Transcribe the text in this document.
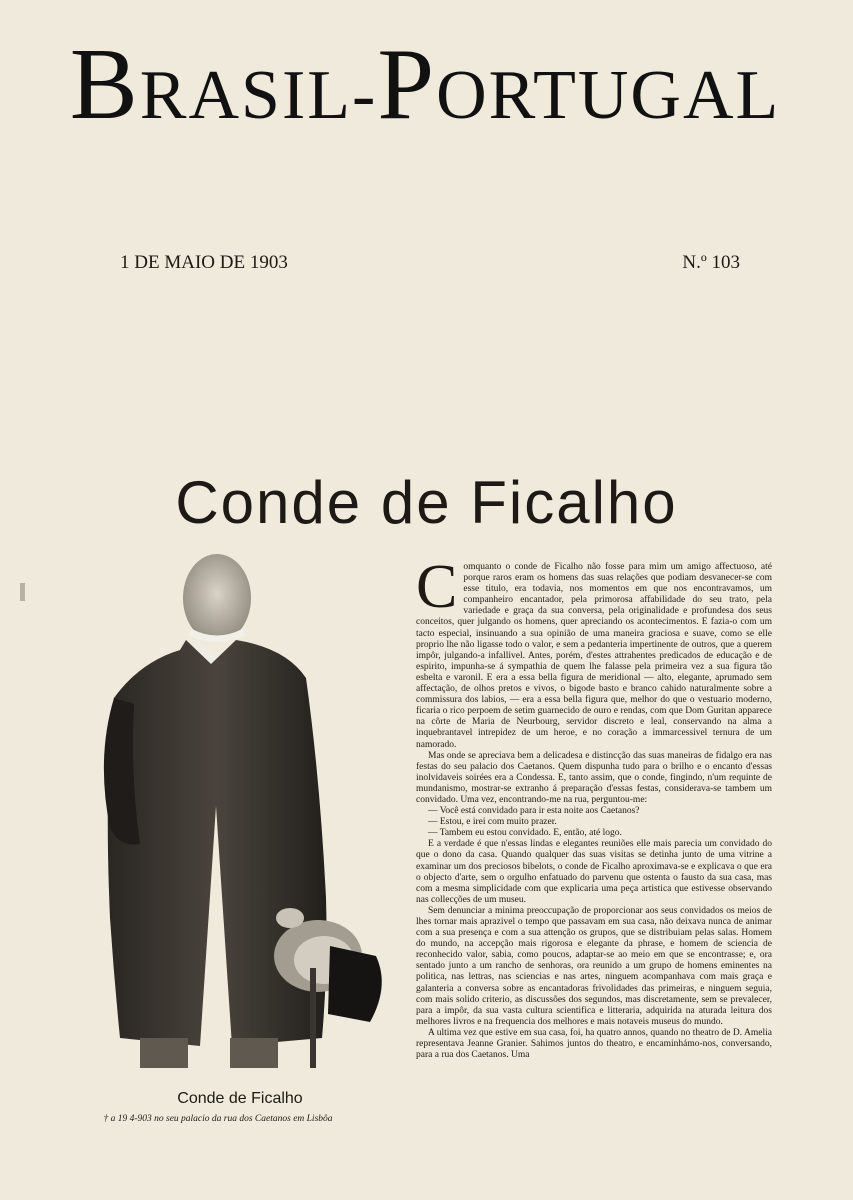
BRASIL-PORTUGAL
1 DE MAIO DE 1903	N.º 103
Conde de Ficalho
Conde de Ficalho
† a 19 4-903 no seu palacio da rua dos Caetanos em Lisbôa

Comquanto o conde de Ficalho não fosse para mim um amigo affectuoso, até porque raros eram os homens das suas relações que podiam desvanecer-se com esse titulo, era todavia, nos momentos em que nos encontravamos, um companheiro encantador, pela primorosa affabilidade do seu trato, pela variedade e graça da sua conversa, pela originalidade e profundesa dos seus conceitos, quer julgando os homens, quer apreciando os acontecimentos. E fazia-o com um tacto especial, insinuando a sua opinião de uma maneira graciosa e suave, como se elle proprio lhe não ligasse todo o valor, e sem a pedanteria impertinente de outros, que a querem impôr, julgando-a infallivel. Antes, porém, d'estes attrahentes predicados de educação e de espirito, impunha-se á sympathia de quem lhe falasse pela primeira vez a sua figura tão esbelta e varonil. E era a essa bella figura de meridional — alto, elegante, aprumado sem affectação, de olhos pretos e vivos, o bigode basto e branco cahido naturalmente sobre a commissura dos labios, — era a essa bella figura que, melhor do que o vestuario moderno, ficaria o rico perpoem de setim guarnecido de ouro e rendas, com que Dom Guritan apparece na côrte de Maria de Neurbourg, servidor discreto e leal, conservando na alma a inquebrantavel intrepidez de um heroe, e no coração a immarcessivel ternura de um namorado.

Mas onde se apreciava bem a delicadesa e distincção das suas maneiras de fidalgo era nas festas do seu palacio dos Caetanos. Quem dispunha tudo para o brilho e o encanto d'essas inolvidaveis soirées era a Condessa. E, tanto assim, que o conde, fingindo, n'um requinte de mundanismo, mostrar-se extranho á preparação d'essas festas, considerava-se tambem um convidado. Uma vez, encontrando-me na rua, perguntou-me:

— Você está convidado para ir esta noite aos Caetanos?

— Estou, e irei com muito prazer.

— Tambem eu estou convidado. E, então, até logo.

E a verdade é que n'essas lindas e elegantes reuniões elle mais parecia um convidado do que o dono da casa. Quando qualquer das suas visitas se detinha junto de uma vitrine a examinar um dos preciosos bibelots, o conde de Ficalho aproximava-se e explicava o que era o objecto d'arte, sem o orgulho enfatuado do parvenu que ostenta o fausto da sua casa, mas com a mesma simplicidade com que explicaria uma peça artistica que estivesse observando nas collecções de um museu.

Sem denunciar a minima preoccupação de proporcionar aos seus convidados os meios de lhes tornar mais aprazivel o tempo que passavam em sua casa, não deixava nunca de animar com a sua presença e com a sua attenção os grupos, que se distribuiam pelas salas. Homem do mundo, na accepção mais rigorosa e elegante da phrase, e homem de sciencia de reconhecido valor, sabia, como poucos, adaptar-se ao meio em que se encontrasse; e, ora sentado junto a um rancho de senhoras, ora reunido a um grupo de homens eminentes na politica, nas lettras, nas sciencias e nas artes, ninguem acompanhava com mais graça e galanteria a conversa sobre as encantadoras frivolidades das primeiras, e ninguem seguia, com mais solido criterio, as discussões dos segundos, mas discretamente, sem se prevalecer, para a impôr, da sua vasta cultura scientifica e litteraria, adquirida na aturada leitura dos melhores livros e na frequencia dos melhores e mais notaveis museus do mundo.

A ultima vez que estive em sua casa, foi, ha quatro annos, quando no theatro de D. Amelia representava Jeanne Granier. Sahimos juntos do theatro, e encaminhámo-nos, conversando, para a rua dos Caetanos. Uma
